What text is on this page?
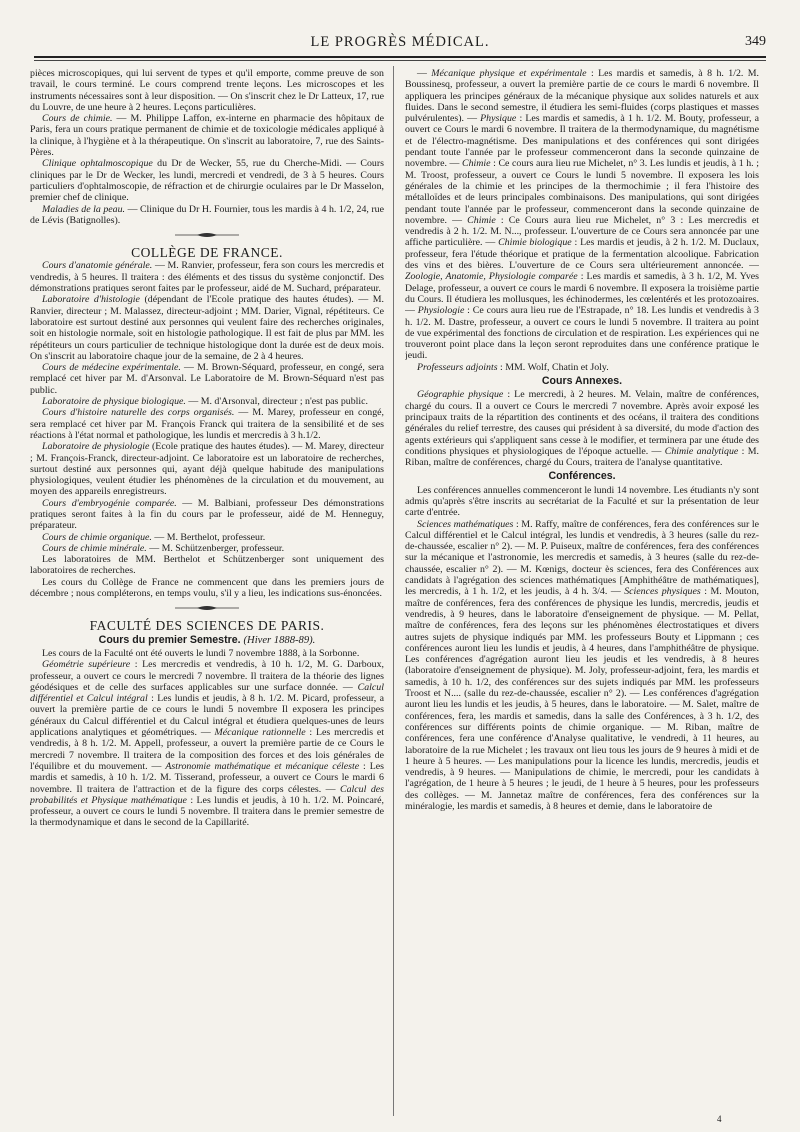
LE PROGRÈS MÉDICAL.	349

pièces microscopiques, qui lui servent de types et qu'il emporte, comme preuve de son travail, le cours terminé. Le cours comprend trente leçons. Les microscopes et les instruments nécessaires sont à leur disposition. — On s'inscrit chez le Dr Latteux, 17, rue du Louvre, de une heure à 2 heures. Leçons particulières.

Cours de chimie. — M. Philippe Laffon, ex-interne en pharmacie des hôpitaux de Paris, fera un cours pratique permanent de chimie et de toxicologie médicales appliqué à la clinique, à l'hygiène et à la thérapeutique. On s'inscrit au laboratoire, 7, rue des Saints-Pères.

Clinique ophtalmoscopique du Dr de Wecker, 55, rue du Cherche-Midi. — Cours cliniques par le Dr de Wecker, les lundi, mercredi et vendredi, de 3 à 5 heures. Cours particuliers d'ophtalmoscopie, de réfraction et de chirurgie oculaires par le Dr Masselon, premier chef de clinique.

Maladies de la peau. — Clinique du Dr H. Fournier, tous les mardis à 4 h. 1/2, 24, rue de Lévis (Batignolles).

COLLÈGE DE FRANCE.

Cours d'anatomie générale. — M. Ranvier, professeur, fera son cours les mercredis et vendredis, à 5 heures. Il traitera : des éléments et des tissus du système conjonctif. Des démonstrations pratiques seront faites par le professeur, aidé de M. Suchard, préparateur.

Laboratoire d'histologie (dépendant de l'Ecole pratique des hautes études). — M. Ranvier, directeur ; M. Malassez, directeur-adjoint ; MM. Darier, Vignal, répétiteurs. Ce laboratoire est surtout destiné aux personnes qui veulent faire des recherches originales, soit en histologie normale, soit en histologie pathologique. Il est fait de plus par MM. les répétiteurs un cours particulier de technique histologique dont la durée est de deux mois. On s'inscrit au laboratoire chaque jour de la semaine, de 2 à 4 heures.

Cours de médecine expérimentale. — M. Brown-Séquard, professeur, en congé, sera remplacé cet hiver par M. d'Arsonval. Le Laboratoire de M. Brown-Séquard n'est pas public.

Laboratoire de physique biologique. — M. d'Arsonval, directeur ; n'est pas public.

Cours d'histoire naturelle des corps organisés. — M. Marey, professeur en congé, sera remplacé cet hiver par M. François Franck qui traitera de la sensibilité et de ses réactions à l'état normal et pathologique, les lundis et mercredis à 3 h.1/2.

Laboratoire de physiologie (Ecole pratique des hautes études). — M. Marey, directeur ; M. François-Franck, directeur-adjoint. Ce laboratoire est un laboratoire de recherches, surtout destiné aux personnes qui, ayant déjà quelque habitude des manipulations physiologiques, veulent étudier les phénomènes de la circulation et du mouvement, au moyen des appareils enregistreurs.

Cours d'embryogénie comparée. — M. Balbiani, professeur Des démonstrations pratiques seront faites à la fin du cours par le professeur, aidé de M. Henneguy, préparateur.

Cours de chimie organique. — M. Berthelot, professeur.

Cours de chimie minérale. — M. Schützenberger, professeur.

Les laboratoires de MM. Berthelot et Schützenberger sont uniquement des laboratoires de recherches.

Les cours du Collège de France ne commencent que dans les premiers jours de décembre ; nous compléterons, en temps voulu, s'il y a lieu, les indications sus-énoncées.

FACULTÉ DES SCIENCES DE PARIS.
Cours du premier Semestre. (Hiver 1888-89).

Les cours de la Faculté ont été ouverts le lundi 7 novembre 1888, à la Sorbonne.

Géométrie supérieure : Les mercredis et vendredis, à 10 h. 1/2, M. G. Darboux, professeur, a ouvert ce cours le mercredi 7 novembre. Il traitera de la théorie des lignes géodésiques et de celle des surfaces applicables sur une surface donnée. — Calcul différentiel et Calcul intégral : Les lundis et jeudis, à 8 h. 1/2. M. Picard, professeur, a ouvert la première partie de ce cours le lundi 5 novembre Il exposera les principes généraux du Calcul différentiel et du Calcul intégral et étudiera quelques-unes de leurs applications analytiques et géométriques. — Mécanique rationnelle : Les mercredis et vendredis, à 8 h. 1/2. M. Appell, professeur, a ouvert la première partie de ce Cours le mercredi 7 novembre. Il traitera de la composition des forces et des lois générales de l'équilibre et du mouvement. — Astronomie mathématique et mécanique céleste : Les mardis et samedis, à 10 h. 1/2. M. Tisserand, professeur, a ouvert ce Cours le mardi 6 novembre. Il traitera de l'attraction et de la figure des corps célestes. — Calcul des probabilités et Physique mathématique : Les lundis et jeudis, à 10 h. 1/2. M. Poincaré, professeur, a ouvert ce cours le lundi 5 novembre. Il traitera dans le premier semestre de la thermodynamique et dans le second de la Capillarité.

— Mécanique physique et expérimentale : Les mardis et samedis, à 8 h. 1/2. M. Boussinesq, professeur, a ouvert la première partie de ce cours le mardi 6 novembre. Il appliquera les principes généraux de la mécanique physique aux solides naturels et aux fluides. Dans le second semestre, il étudiera les semi-fluides (corps plastiques et masses pulvérulentes). — Physique : Les mardis et samedis, à 1 h. 1/2. M. Bouty, professeur, a ouvert ce Cours le mardi 6 novembre. Il traitera de la thermodynamique, du magnétisme et de l'électro-magnétisme. Des manipulations et des conférences qui sont dirigées pendant toute l'année par le professeur commenceront dans la seconde quinzaine de novembre. — Chimie : Ce cours aura lieu rue Michelet, n° 3. Les lundis et jeudis, à 1 h. ; M. Troost, professeur, a ouvert ce Cours le lundi 5 novembre. Il exposera les lois générales de la chimie et les principes de la thermochimie ; il fera l'histoire des métalloïdes et de leurs principales combinaisons. Des manipulations, qui sont dirigées pendant toute l'année par le professeur, commenceront dans la seconde quinzaine de novembre. — Chimie : Ce Cours aura lieu rue Michelet, n° 3 : Les mercredis et vendredis à 2 h. 1/2. M. N..., professeur. L'ouverture de ce Cours sera annoncée par une affiche particulière. — Chimie biologique : Les mardis et jeudis, à 2 h. 1/2. M. Duclaux, professeur, fera l'étude théorique et pratique de la fermentation alcoolique. Fabrication des vins et des bières. L'ouverture de ce Cours sera ultérieurement annoncée. — Zoologie, Anatomie, Physiologie comparée : Les mardis et samedis, à 3 h. 1/2, M. Yves Delage, professeur, a ouvert ce cours le mardi 6 novembre. Il exposera la troisième partie du Cours. Il étudiera les mollusques, les échinodermes, les cœlentérés et les protozoaires. — Physiologie : Ce cours aura lieu rue de l'Estrapade, n° 18. Les lundis et vendredis à 3 h. 1/2. M. Dastre, professeur, a ouvert ce cours le lundi 5 novembre. Il traitera au point de vue expérimental des fonctions de circulation et de respiration. Les expériences qui ne trouveront point place dans la leçon seront reproduites dans une conférence pratique le jeudi.

Professeurs adjoints : MM. Wolf, Chatin et Joly.

Cours Annexes.

Géographie physique : Le mercredi, à 2 heures. M. Velain, maître de conférences, chargé du cours. Il a ouvert ce Cours le mercredi 7 novembre. Après avoir exposé les principaux traits de la répartition des continents et des océans, il traitera des conditions générales du relief terrestre, des causes qui président à sa diversité, du mode d'action des agents extérieurs qui s'appliquent sans cesse à le modifier, et terminera par une étude des conditions physiques et physiologiques de l'époque actuelle. — Chimie analytique : M. Riban, maître de conférences, chargé du Cours, traitera de l'analyse quantitative.

Conférences.

Les conférences annuelles commenceront le lundi 14 novembre. Les étudiants n'y sont admis qu'après s'être inscrits au secrétariat de la Faculté et sur la présentation de leur carte d'entrée.

Sciences mathématiques : M. Raffy, maître de conférences, fera des conférences sur le Calcul différentiel et le Calcul intégral, les lundis et vendredis, à 3 heures (salle du rez-de-chaussée, escalier n° 2). — M. P. Puiseux, maître de conférences, fera des conférences sur la mécanique et l'astronomie, les mercredis et samedis, à 3 heures (salle du rez-de-chaussée, escalier n° 2). — M. Kœnigs, docteur ès sciences, fera des Conférences aux candidats à l'agrégation des sciences mathématiques [Amphithéâtre de mathématiques], les mercredis, à 1 h. 1/2, et les jeudis, à 4 h. 3/4. — Sciences physiques : M. Mouton, maître de conférences, fera des conférences de physique les lundis, mercredis, jeudis et vendredis, à 9 heures, dans le laboratoire d'enseignement de physique. — M. Pellat, maître de conférences, fera des leçons sur les phénomènes électrostatiques et divers autres sujets de physique indiqués par MM. les professeurs Bouty et Lippmann ; ces conférences auront lieu les lundis et jeudis, à 4 heures, dans l'amphithéâtre de physique. Les conférences d'agrégation auront lieu les jeudis et les vendredis, à 8 heures (laboratoire d'enseignement de physique). M. Joly, professeur-adjoint, fera, les mardis et samedis, à 10 h. 1/2, des conférences sur des sujets indiqués par MM. les professeurs Troost et N.... (salle du rez-de-chaussée, escalier n° 2). — Les conférences d'agrégation auront lieu les lundis et les jeudis, à 5 heures, dans le laboratoire. — M. Salet, maître de conférences, fera, les mardis et samedis, dans la salle des Conférences, à 3 h. 1/2, des conférences sur différents points de chimie organique. — M. Riban, maître de conférences, fera une conférence d'Analyse qualitative, le vendredi, à 11 heures, au laboratoire de la rue Michelet ; les travaux ont lieu tous les jours de 9 heures à midi et de 1 heure à 5 heures. — Les manipulations pour la licence les lundis, mercredis, jeudis et vendredis, à 9 heures. — Manipulations de chimie, le mercredi, pour les candidats à l'agrégation, de 1 heure à 5 heures ; le jeudi, de 1 heure à 5 heures, pour les professeurs des collèges. — M. Jannetaz maître de conférences, fera des conférences sur la minéralogie, les mardis et samedis, à 8 heures et demie, dans le laboratoire de

4
